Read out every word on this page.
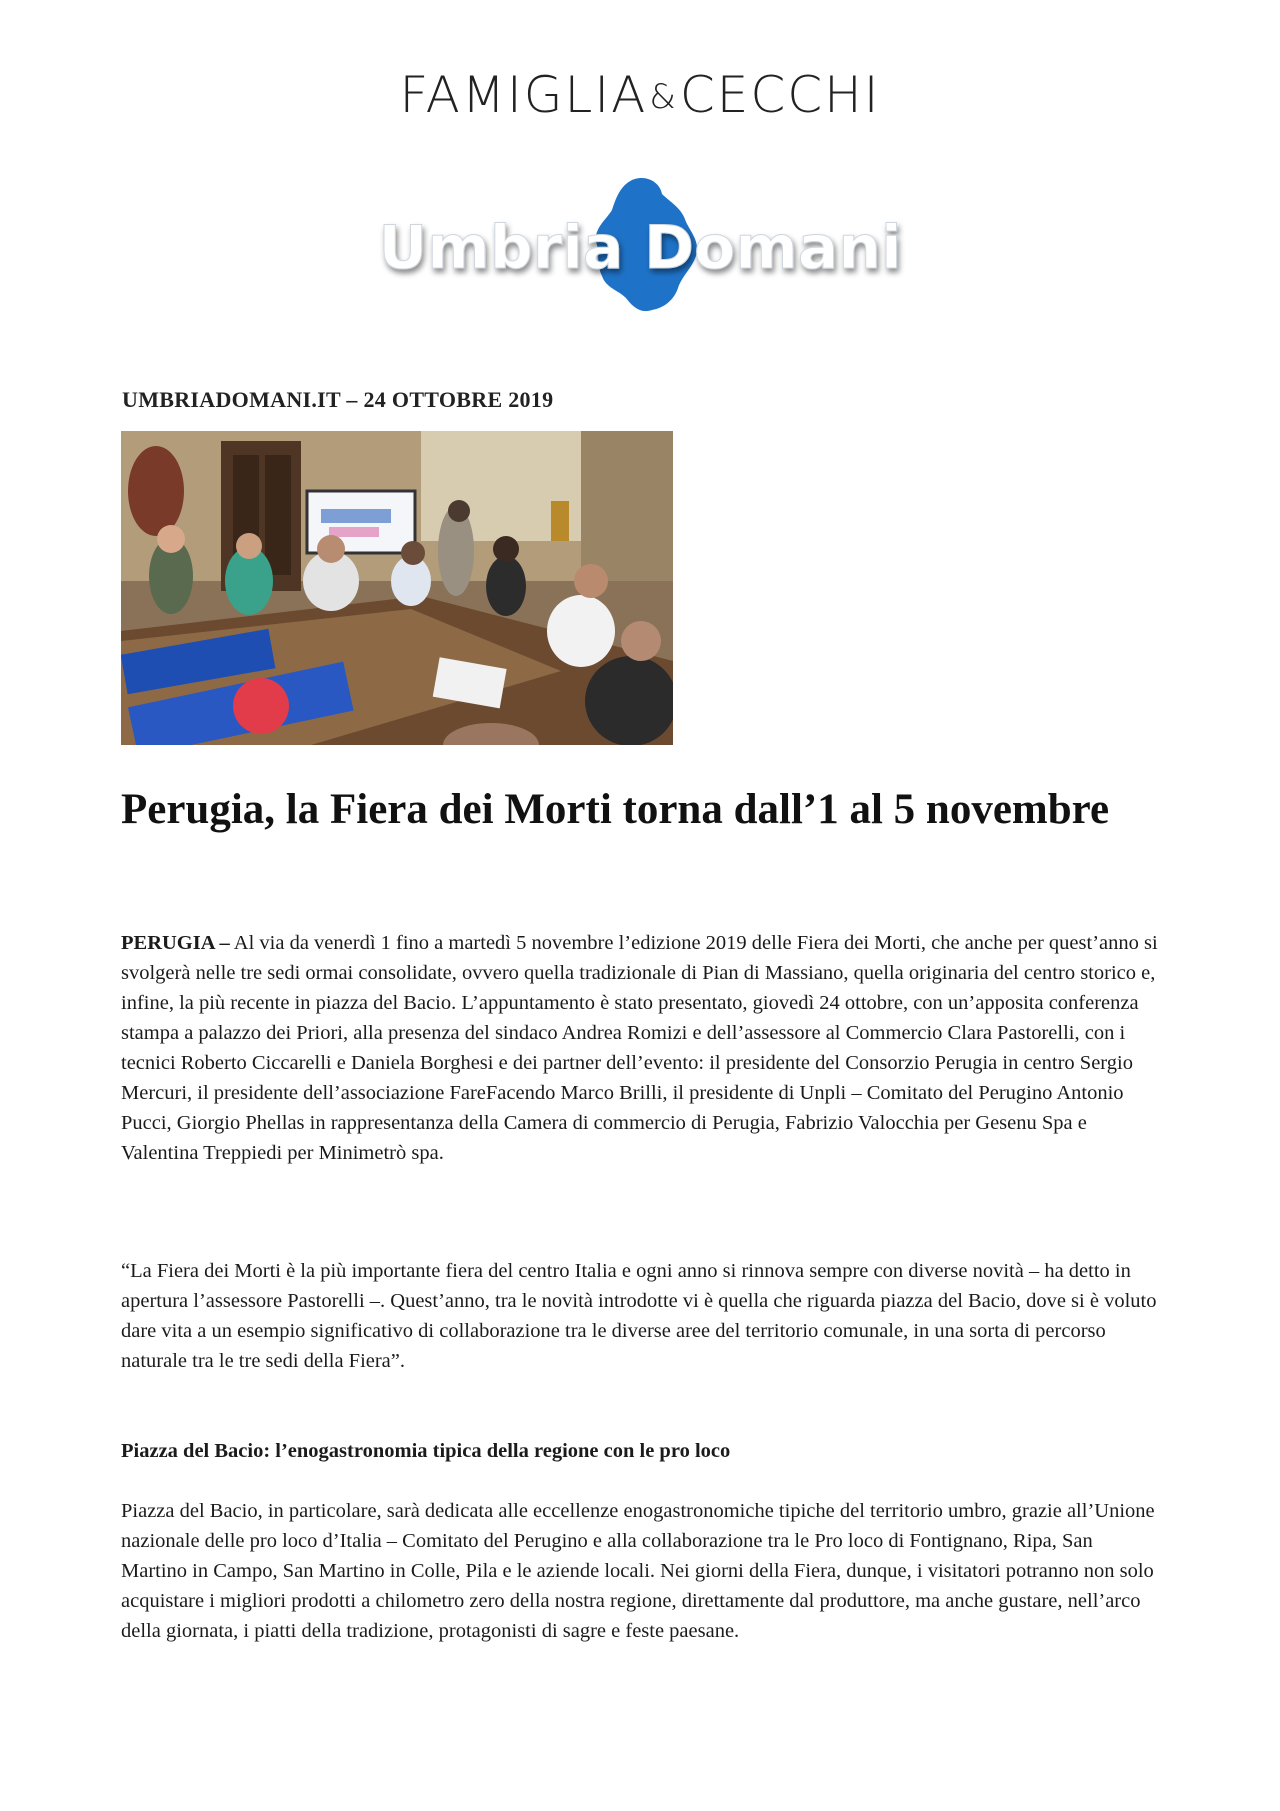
FAMIGLIA&CECCHI
Umbria Domani
UMBRIADOMANI.IT – 24 OTTOBRE 2019
Perugia, la Fiera dei Morti torna dall’1 al 5 novembre

PERUGIA – Al via da venerdì 1 fino a martedì 5 novembre l’edizione 2019 delle Fiera dei Morti, che anche per quest’anno si svolgerà nelle tre sedi ormai consolidate, ovvero quella tradizionale di Pian di Massiano, quella originaria del centro storico e, infine, la più recente in piazza del Bacio. L’appuntamento è stato presentato, giovedì 24 ottobre, con un’apposita conferenza stampa a palazzo dei Priori, alla presenza del sindaco Andrea Romizi e dell’assessore al Commercio Clara Pastorelli, con i tecnici Roberto Ciccarelli e Daniela Borghesi e dei partner dell’evento: il presidente del Consorzio Perugia in centro Sergio Mercuri, il presidente dell’associazione FareFacendo Marco Brilli, il presidente di Unpli – Comitato del Perugino Antonio Pucci, Giorgio Phellas in rappresentanza della Camera di commercio di Perugia, Fabrizio Valocchia per Gesenu Spa e Valentina Treppiedi per Minimetrò spa.

“La Fiera dei Morti è la più importante fiera del centro Italia e ogni anno si rinnova sempre con diverse novità – ha detto in apertura l’assessore Pastorelli –. Quest’anno, tra le novità introdotte vi è quella che riguarda piazza del Bacio, dove si è voluto dare vita a un esempio significativo di collaborazione tra le diverse aree del territorio comunale, in una sorta di percorso naturale tra le tre sedi della Fiera”.

Piazza del Bacio: l’enogastronomia tipica della regione con le pro loco

Piazza del Bacio, in particolare, sarà dedicata alle eccellenze enogastronomiche tipiche del territorio umbro, grazie all’Unione nazionale delle pro loco d’Italia – Comitato del Perugino e alla collaborazione tra le Pro loco di Fontignano, Ripa, San Martino in Campo, San Martino in Colle, Pila e le aziende locali. Nei giorni della Fiera, dunque, i visitatori potranno non solo acquistare i migliori prodotti a chilometro zero della nostra regione, direttamente dal produttore, ma anche gustare, nell’arco della giornata, i piatti della tradizione, protagonisti di sagre e feste paesane.
